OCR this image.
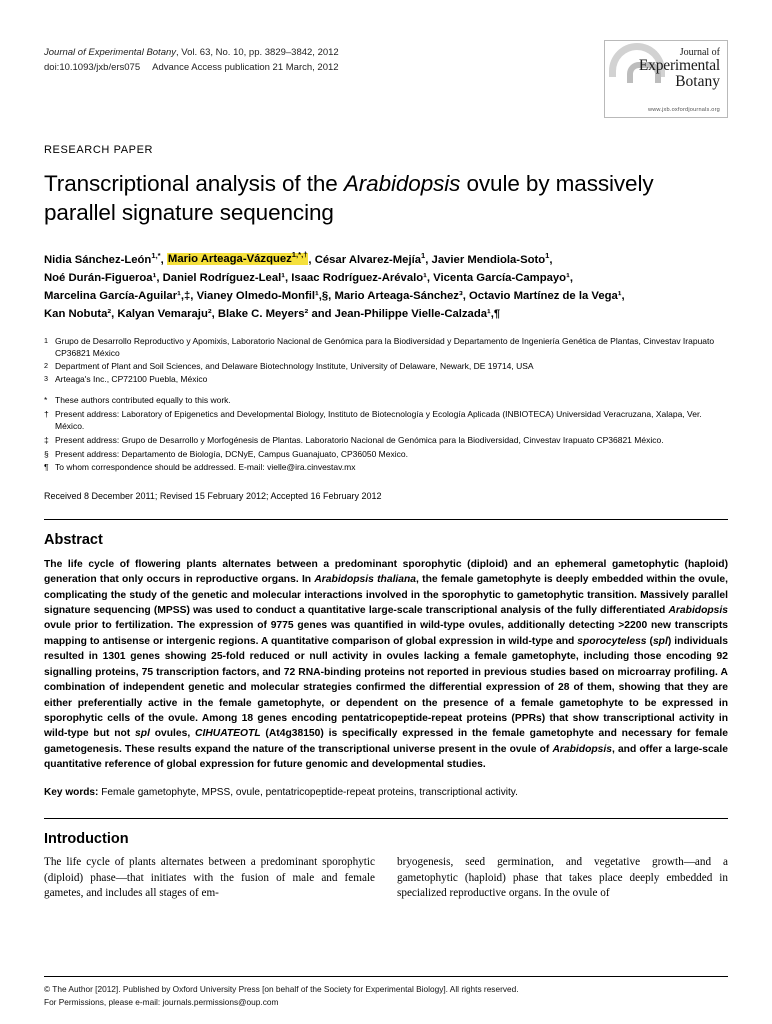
Journal of Experimental Botany, Vol. 63, No. 10, pp. 3829–3842, 2012
doi:10.1093/jxb/ers075 Advance Access publication 21 March, 2012
Journal of
Experimental
Botany
www.jxb.oxfordjournals.org
RESEARCH PAPER
Transcriptional analysis of the Arabidopsis ovule by massively parallel signature sequencing
Nidia Sánchez-León$^{1,*}$, Mario Arteaga-Vázquez$^{1,*,\dagger}$, César Alvarez-Mejía$^1$, Javier Mendiola-Soto$^1$,
Noé Durán-Figueroa¹, Daniel Rodríguez-Leal¹, Isaac Rodríguez-Arévalo¹, Vicenta García-Campayo¹,
Marcelina García-Aguilar¹,‡, Vianey Olmedo-Monfil¹,§, Mario Arteaga-Sánchez³, Octavio Martínez de la Vega¹,
Kan Nobuta², Kalyan Vemaraju², Blake C. Meyers² and Jean-Philippe Vielle-Calzada¹,¶
1 Grupo de Desarrollo Reproductivo y Apomixis, Laboratorio Nacional de Genómica para la Biodiversidad y Departamento de Ingeniería Genética de Plantas, Cinvestav Irapuato CP36821 México
2 Department of Plant and Soil Sciences, and Delaware Biotechnology Institute, University of Delaware, Newark, DE 19714, USA
3 Arteaga's Inc., CP72100 Puebla, México
* These authors contributed equally to this work.
† Present address: Laboratory of Epigenetics and Developmental Biology, Instituto de Biotecnología y Ecología Aplicada (INBIOTECA) Universidad Veracruzana, Xalapa, Ver. México.
‡ Present address: Grupo de Desarrollo y Morfogénesis de Plantas. Laboratorio Nacional de Genómica para la Biodiversidad, Cinvestav Irapuato CP36821 México.
§ Present address: Departamento de Biología, DCNyE, Campus Guanajuato, CP36050 Mexico.
¶ To whom correspondence should be addressed. E-mail: vielle@ira.cinvestav.mx
Received 8 December 2011; Revised 15 February 2012; Accepted 16 February 2012
Abstract
The life cycle of flowering plants alternates between a predominant sporophytic (diploid) and an ephemeral gametophytic (haploid) generation that only occurs in reproductive organs. In Arabidopsis thaliana, the female gametophyte is deeply embedded within the ovule, complicating the study of the genetic and molecular interactions involved in the sporophytic to gametophytic transition. Massively parallel signature sequencing (MPSS) was used to conduct a quantitative large-scale transcriptional analysis of the fully differentiated Arabidopsis ovule prior to fertilization. The expression of 9775 genes was quantified in wild-type ovules, additionally detecting >2200 new transcripts mapping to antisense or intergenic regions. A quantitative comparison of global expression in wild-type and sporocyteless (spl) individuals resulted in 1301 genes showing 25-fold reduced or null activity in ovules lacking a female gametophyte, including those encoding 92 signalling proteins, 75 transcription factors, and 72 RNA-binding proteins not reported in previous studies based on microarray profiling. A combination of independent genetic and molecular strategies confirmed the differential expression of 28 of them, showing that they are either preferentially active in the female gametophyte, or dependent on the presence of a female gametophyte to be expressed in sporophytic cells of the ovule. Among 18 genes encoding pentatricopeptide-repeat proteins (PPRs) that show transcriptional activity in wild-type but not spl ovules, CIHUATEOTL (At4g38150) is specifically expressed in the female gametophyte and necessary for female gametogenesis. These results expand the nature of the transcriptional universe present in the ovule of Arabidopsis, and offer a large-scale quantitative reference of global expression for future genomic and developmental studies.
Key words: Female gametophyte, MPSS, ovule, pentatricopeptide-repeat proteins, transcriptional activity.
Introduction
The life cycle of plants alternates between a predominant sporophytic (diploid) phase—that initiates with the fusion of male and female gametes, and includes all stages of em-
bryogenesis, seed germination, and vegetative growth—and a gametophytic (haploid) phase that takes place deeply embedded in specialized reproductive organs. In the ovule of
© The Author [2012]. Published by Oxford University Press [on behalf of the Society for Experimental Biology]. All rights reserved.
For Permissions, please e-mail: journals.permissions@oup.com
